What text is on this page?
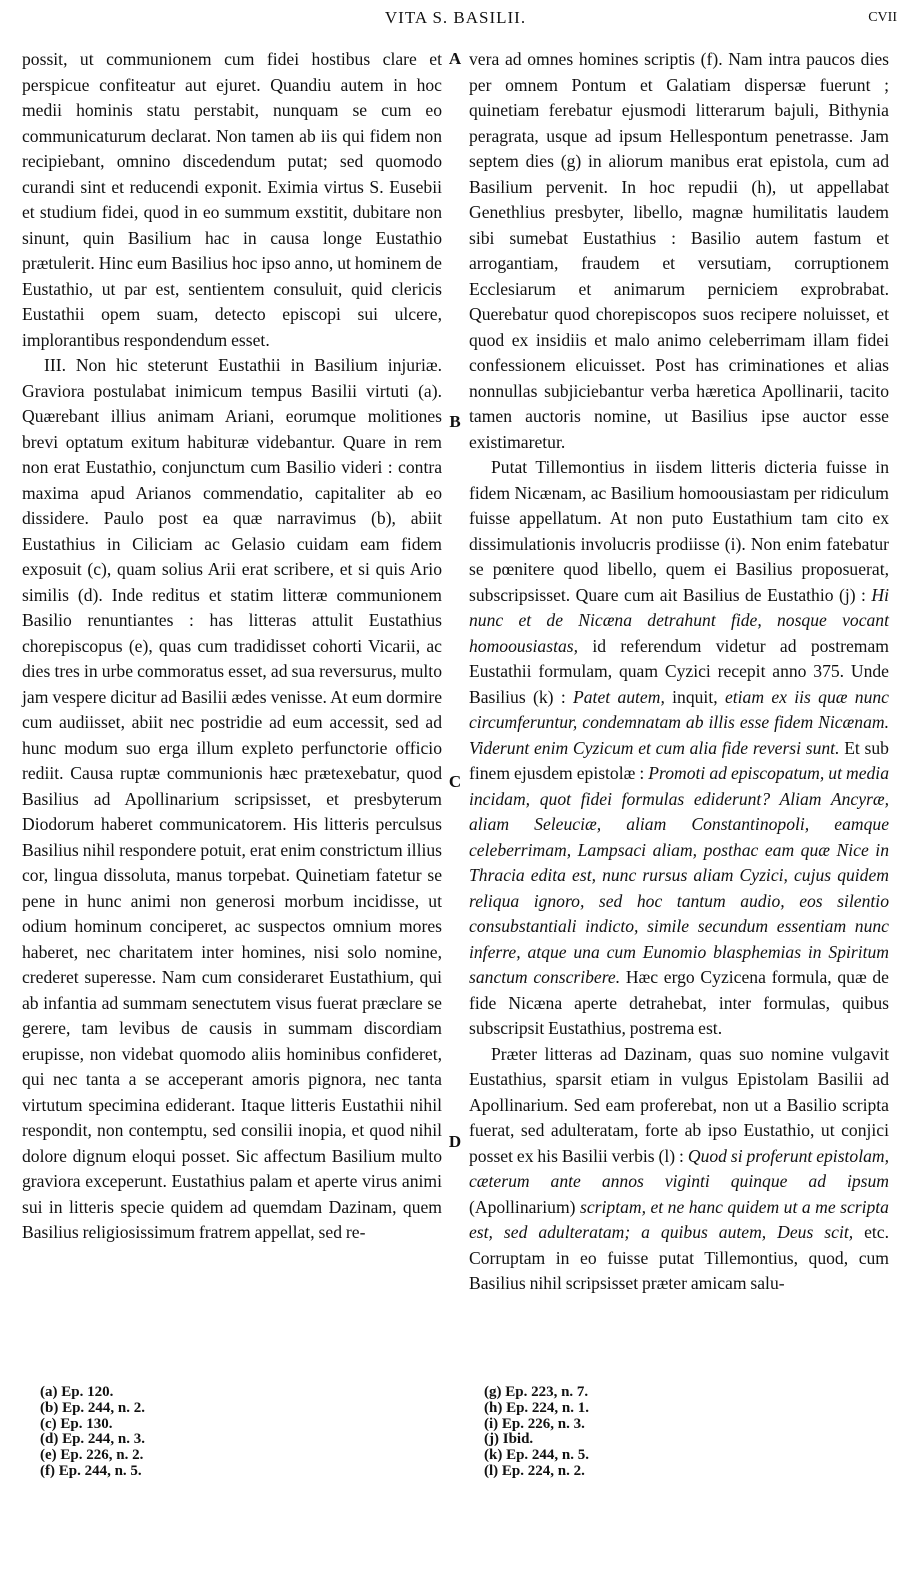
VITA S. BASILII.	CVII

possit, ut communionem cum fidei hostibus clare et perspicue confiteatur aut ejuret. Quandiu autem in hoc medii hominis statu perstabit, nunquam se cum eo communicaturum declarat. Non tamen ab iis qui fidem non recipiebant, omnino discedendum putat; sed quomodo curandi sint et reducendi exponit. Eximia virtus S. Eusebii et studium fidei, quod in eo summum exstitit, dubitare non sinunt, quin Basilium hac in causa longe Eustathio prætulerit. Hinc eum Basilius hoc ipso anno, ut hominem de Eustathio, ut par est, sentientem consuluit, quid clericis Eustathii opem suam, detecto episcopi sui ulcere, implorantibus respondendum esset.

III. Non hic steterunt Eustathii in Basilium injuriæ. Graviora postulabat inimicum tempus Basilii virtuti (a). Quærebant illius animam Ariani, eorumque molitiones brevi optatum exitum habituræ videbantur. Quare in rem non erat Eustathio, conjunctum cum Basilio videri : contra maxima apud Arianos commendatio, capitaliter ab eo dissidere. Paulo post ea quæ narravimus (b), abiit Eustathius in Ciliciam ac Gelasio cuidam eam fidem exposuit (c), quam solius Arii erat scribere, et si quis Ario similis (d). Inde reditus et statim litteræ communionem Basilio renuntiantes : has litteras attulit Eustathius chorepiscopus (e), quas cum tradidisset cohorti Vicarii, ac dies tres in urbe commoratus esset, ad sua reversurus, multo jam vespere dicitur ad Basilii ædes venisse. At eum dormire cum audiisset, abiit nec postridie ad eum accessit, sed ad hunc modum suo erga illum expleto perfunctorie officio rediit. Causa ruptæ communionis hæc prætexebatur, quod Basilius ad Apollinarium scripsisset, et presbyterum Diodorum haberet communicatorem. His litteris perculsus Basilius nihil respondere potuit, erat enim constrictum illius cor, lingua dissoluta, manus torpebat. Quinetiam fatetur se pene in hunc animi non generosi morbum incidisse, ut odium hominum conciperet, ac suspectos omnium mores haberet, nec charitatem inter homines, nisi solo nomine, crederet superesse. Nam cum consideraret Eustathium, qui ab infantia ad summam senectutem visus fuerat præclare se gerere, tam levibus de causis in summam discordiam erupisse, non videbat quomodo aliis hominibus confideret, qui nec tanta a se acceperant amoris pignora, nec tanta virtutum specimina ediderant. Itaque litteris Eustathii nihil respondit, non contemptu, sed consilii inopia, et quod nihil dolore dignum eloqui posset. Sic affectum Basilium multo graviora exceperunt. Eustathius palam et aperte virus animi sui in litteris specie quidem ad quemdam Dazinam, quem Basilius religiosissimum fratrem appellat, sed re-

A
B
C
D

vera ad omnes homines scriptis (f). Nam intra paucos dies per omnem Pontum et Galatiam dispersæ fuerunt ; quinetiam ferebatur ejusmodi litterarum bajuli, Bithynia peragrata, usque ad ipsum Hellespontum penetrasse. Jam septem dies (g) in aliorum manibus erat epistola, cum ad Basilium pervenit. In hoc repudii (h), ut appellabat Genethlius presbyter, libello, magnæ humilitatis laudem sibi sumebat Eustathius : Basilio autem fastum et arrogantiam, fraudem et versutiam, corruptionem Ecclesiarum et animarum perniciem exprobrabat. Querebatur quod chorepiscopos suos recipere noluisset, et quod ex insidiis et malo animo celeberrimam illam fidei confessionem elicuisset. Post has criminationes et alias nonnullas subjiciebantur verba hæretica Apollinarii, tacito tamen auctoris nomine, ut Basilius ipse auctor esse existimaretur.

Putat Tillemontius in iisdem litteris dicteria fuisse in fidem Nicænam, ac Basilium homoousiastam per ridiculum fuisse appellatum. At non puto Eustathium tam cito ex dissimulationis involucris prodiisse (i). Non enim fatebatur se pœnitere quod libello, quem ei Basilius proposuerat, subscripsisset. Quare cum ait Basilius de Eustathio (j) : Hi nunc et de Nicæna detrahunt fide, nosque vocant homoousiastas, id referendum videtur ad postremam Eustathii formulam, quam Cyzici recepit anno 375. Unde Basilius (k) : Patet autem, inquit, etiam ex iis quæ nunc circumferuntur, condemnatam ab illis esse fidem Nicænam. Viderunt enim Cyzicum et cum alia fide reversi sunt. Et sub finem ejusdem epistolæ : Promoti ad episcopatum, ut media incidam, quot fidei formulas ediderunt? Aliam Ancyræ, aliam Seleuciæ, aliam Constantinopoli, eamque celeberrimam, Lampsaci aliam, posthac eam quæ Nice in Thracia edita est, nunc rursus aliam Cyzici, cujus quidem reliqua ignoro, sed hoc tantum audio, eos silentio consubstantiali indicto, simile secundum essentiam nunc inferre, atque una cum Eunomio blasphemias in Spiritum sanctum conscribere. Hæc ergo Cyzicena formula, quæ de fide Nicæna aperte detrahebat, inter formulas, quibus subscripsit Eustathius, postrema est.

Præter litteras ad Dazinam, quas suo nomine vulgavit Eustathius, sparsit etiam in vulgus Epistolam Basilii ad Apollinarium. Sed eam proferebat, non ut a Basilio scripta fuerat, sed adulteratam, forte ab ipso Eustathio, ut conjici posset ex his Basilii verbis (l) : Quod si proferunt epistolam, cæterum ante annos viginti quinque ad ipsum (Apollinarium) scriptam, et ne hanc quidem ut a me scripta est, sed adulteratam; a quibus autem, Deus scit, etc. Corruptam in eo fuisse putat Tillemontius, quod, cum Basilius nihil scripsisset præter amicam salu-

(a) Ep. 120.
(b) Ep. 244, n. 2.
(c) Ep. 130.
(d) Ep. 244, n. 3.
(e) Ep. 226, n. 2.
(f) Ep. 244, n. 5.
(g) Ep. 223, n. 7.
(h) Ep. 224, n. 1.
(i) Ep. 226, n. 3.
(j) Ibid.
(k) Ep. 244, n. 5.
(l) Ep. 224, n. 2.
